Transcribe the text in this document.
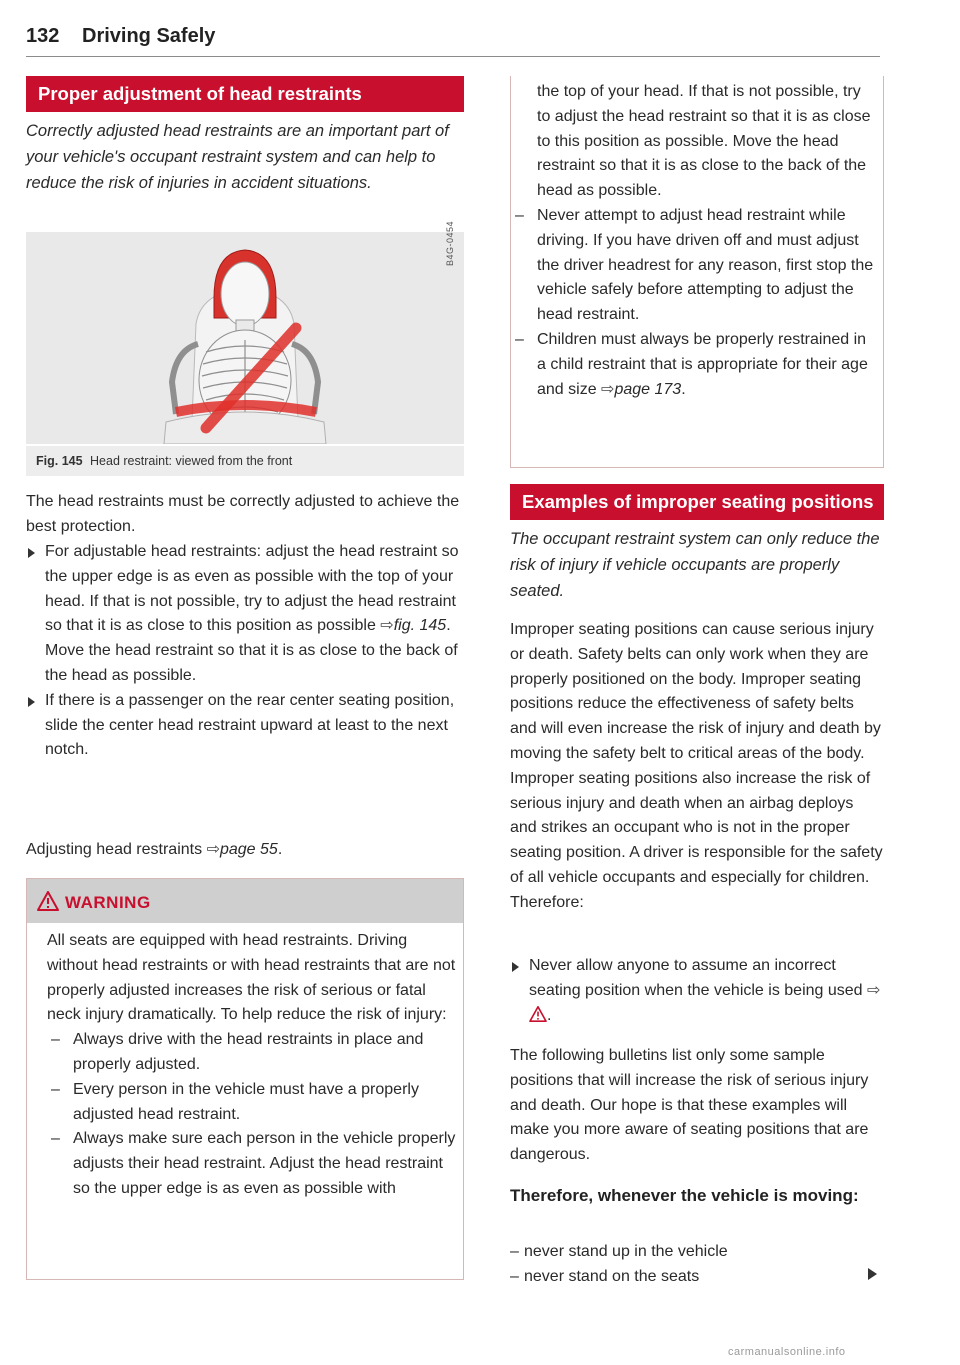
132 Driving Safely
Proper adjustment of head restraints
Correctly adjusted head restraints are an important part of your vehicle's occupant restraint system and can help to reduce the risk of injuries in accident situations.
B4G-0454
Fig. 145 Head restraint: viewed from the front

The head restraints must be correctly adjusted to achieve the best protection.

For adjustable head restraints: adjust the head restraint so the upper edge is as even as possible with the top of your head. If that is not possible, try to adjust the head restraint so that it is as close to this position as possible ⇨fig. 145. Move the head restraint so that it is as close to the back of the head as possible.
If there is a passenger on the rear center seating position, slide the center head restraint upward at least to the next notch.

Adjusting head restraints ⇨page 55.

WARNING
All seats are equipped with head restraints. Driving without head restraints or with head restraints that are not properly adjusted increases the risk of serious or fatal neck injury dramatically. To help reduce the risk of injury:
– Always drive with the head restraints in place and properly adjusted.
– Every person in the vehicle must have a properly adjusted head restraint.
– Always make sure each person in the vehicle properly adjusts their head restraint. Adjust the head restraint so the upper edge is as even as possible with
the top of your head. If that is not possible, try to adjust the head restraint so that it is as close to this position as possible. Move the head restraint so that it is as close to the back of the head as possible.
– Never attempt to adjust head restraint while driving. If you have driven off and must adjust the driver headrest for any reason, first stop the vehicle safely before attempting to adjust the head restraint.
– Children must always be properly restrained in a child restraint that is appropriate for their age and size ⇨page 173.
Examples of improper seating positions
The occupant restraint system can only reduce the risk of injury if vehicle occupants are properly seated.

Improper seating positions can cause serious injury or death. Safety belts can only work when they are properly positioned on the body. Improper seating positions reduce the effectiveness of safety belts and will even increase the risk of injury and death by moving the safety belt to critical areas of the body. Improper seating positions also increase the risk of serious injury and death when an airbag deploys and strikes an occupant who is not in the proper seating position. A driver is responsible for the safety of all vehicle occupants and especially for children. Therefore:

Never allow anyone to assume an incorrect seating position when the vehicle is being used ⇨.

The following bulletins list only some sample positions that will increase the risk of serious injury and death. Our hope is that these examples will make you more aware of seating positions that are dangerous.

Therefore, whenever the vehicle is moving:
– never stand up in the vehicle
– never stand on the seats
carmanualsonline.info
